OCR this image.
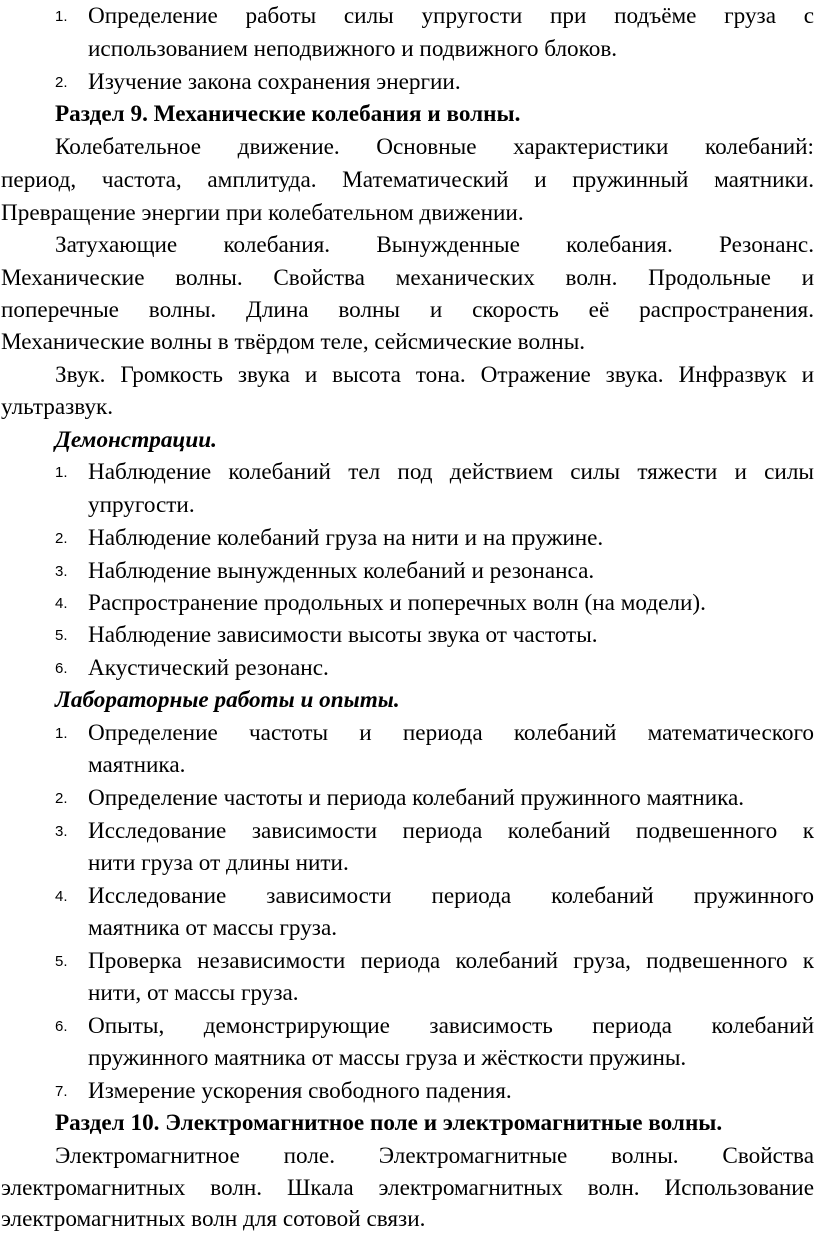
1. Определение работы силы упругости при подъёме груза с
использованием неподвижного и подвижного блоков.
2. Изучение закона сохранения энергии.
Раздел 9. Механические колебания и волны.
Колебательное движение. Основные характеристики колебаний:
период, частота, амплитуда. Математический и пружинный маятники.
Превращение энергии при колебательном движении.
Затухающие колебания. Вынужденные колебания. Резонанс.
Механические волны. Свойства механических волн. Продольные и
поперечные волны. Длина волны и скорость её распространения.
Механические волны в твёрдом теле, сейсмические волны.
Звук. Громкость звука и высота тона. Отражение звука. Инфразвук и
ультразвук.
Демонстрации.
1. Наблюдение колебаний тел под действием силы тяжести и силы
упругости.
2. Наблюдение колебаний груза на нити и на пружине.
3. Наблюдение вынужденных колебаний и резонанса.
4. Распространение продольных и поперечных волн (на модели).
5. Наблюдение зависимости высоты звука от частоты.
6. Акустический резонанс.
Лабораторные работы и опыты.
1. Определение частоты и периода колебаний математического
маятника.
2. Определение частоты и периода колебаний пружинного маятника.
3. Исследование зависимости периода колебаний подвешенного к
нити груза от длины нити.
4. Исследование зависимости периода колебаний пружинного
маятника от массы груза.
5. Проверка независимости периода колебаний груза, подвешенного к
нити, от массы груза.
6. Опыты, демонстрирующие зависимость периода колебаний
пружинного маятника от массы груза и жёсткости пружины.
7. Измерение ускорения свободного падения.
Раздел 10. Электромагнитное поле и электромагнитные волны.
Электромагнитное поле. Электромагнитные волны. Свойства
электромагнитных волн. Шкала электромагнитных волн. Использование
электромагнитных волн для сотовой связи.
